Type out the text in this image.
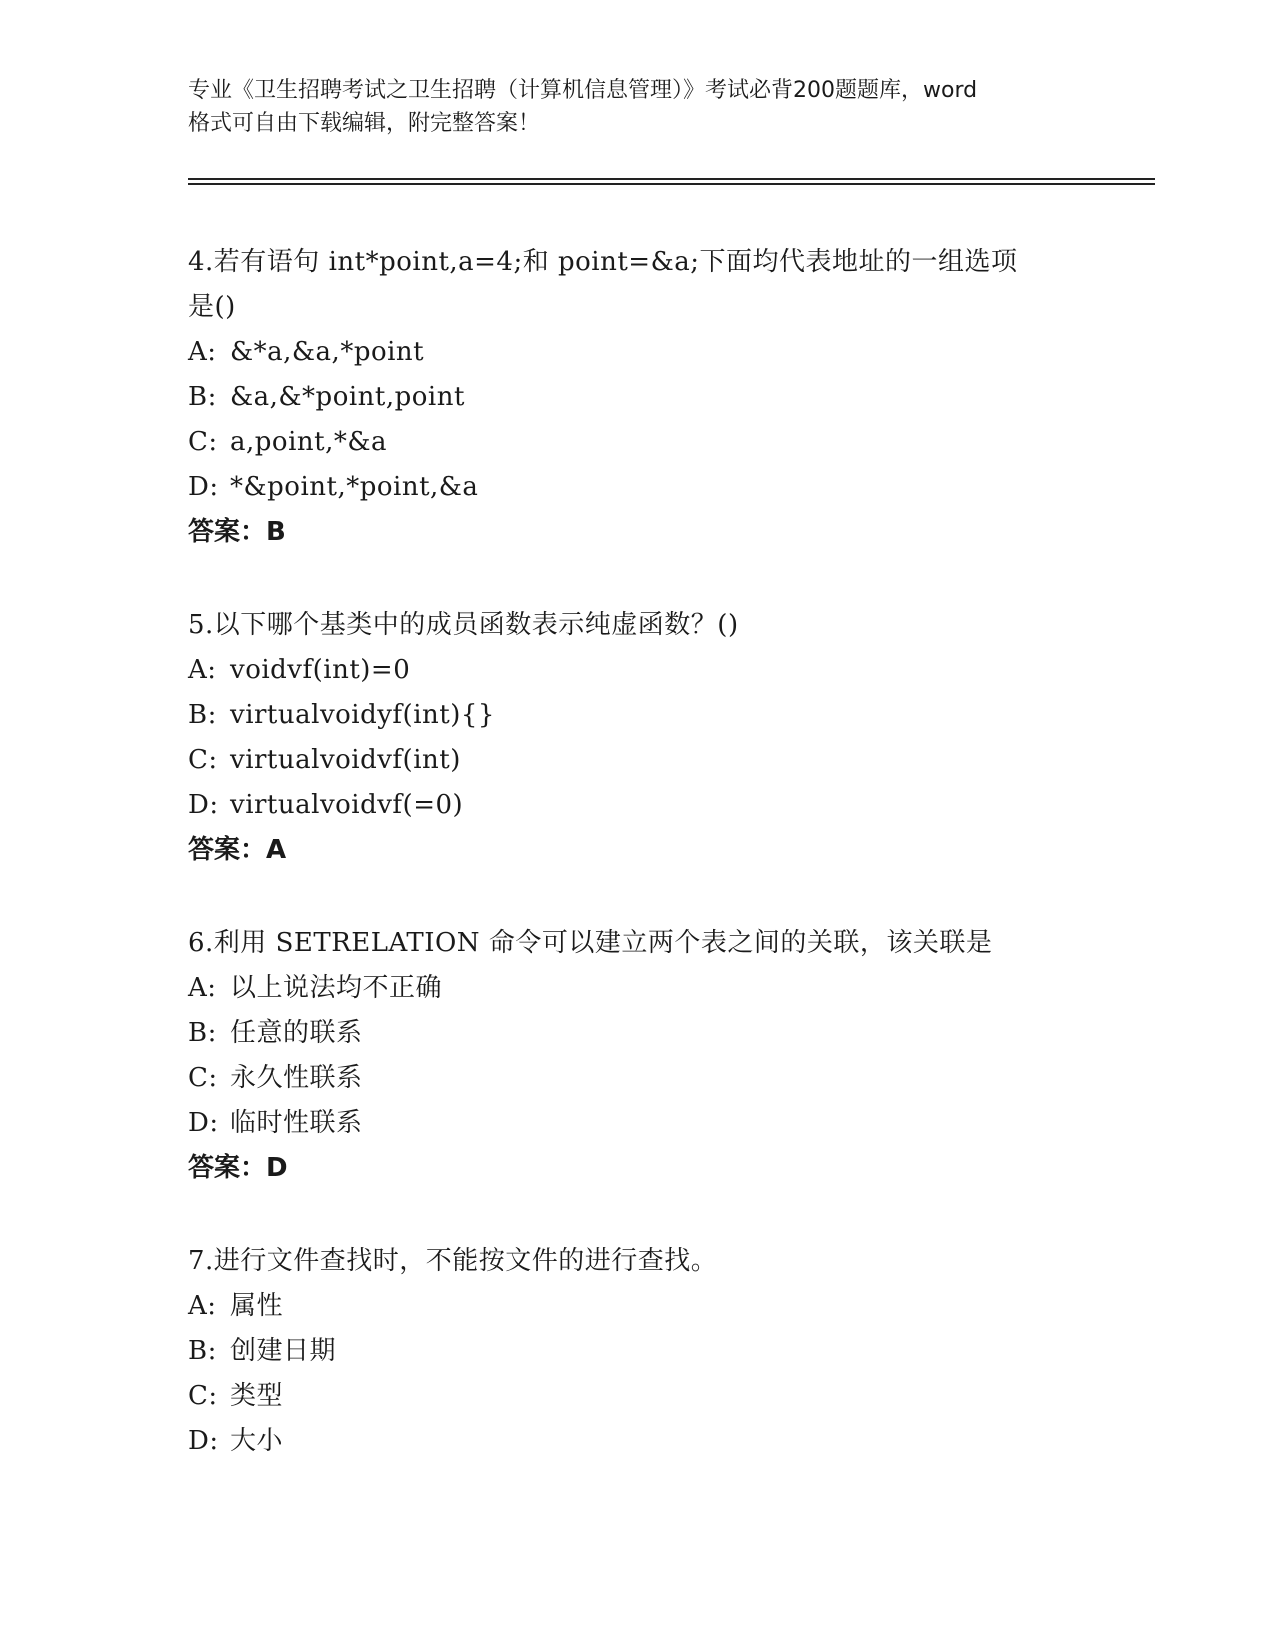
专业《卫生招聘考试之卫生招聘（计算机信息管理）》考试必背200题题库，word
格式可自由下载编辑，附完整答案！
4.若有语句 int*point,a=4;和 point=&a;下面均代表地址的一组选项
是()
A: &*a,&a,*point
B: &a,&*point,point
C: a,point,*&a
D: *&point,*point,&a
答案：B
5.以下哪个基类中的成员函数表示纯虚函数？()
A: voidvf(int)=0
B: virtualvoidyf(int){}
C: virtualvoidvf(int)
D: virtualvoidvf(=0)
答案：A
6.利用 SETRELATION 命令可以建立两个表之间的关联，该关联是
A: 以上说法均不正确
B: 任意的联系
C: 永久性联系
D: 临时性联系
答案：D
7.进行文件查找时，不能按文件的进行查找。
A: 属性
B: 创建日期
C: 类型
D: 大小
